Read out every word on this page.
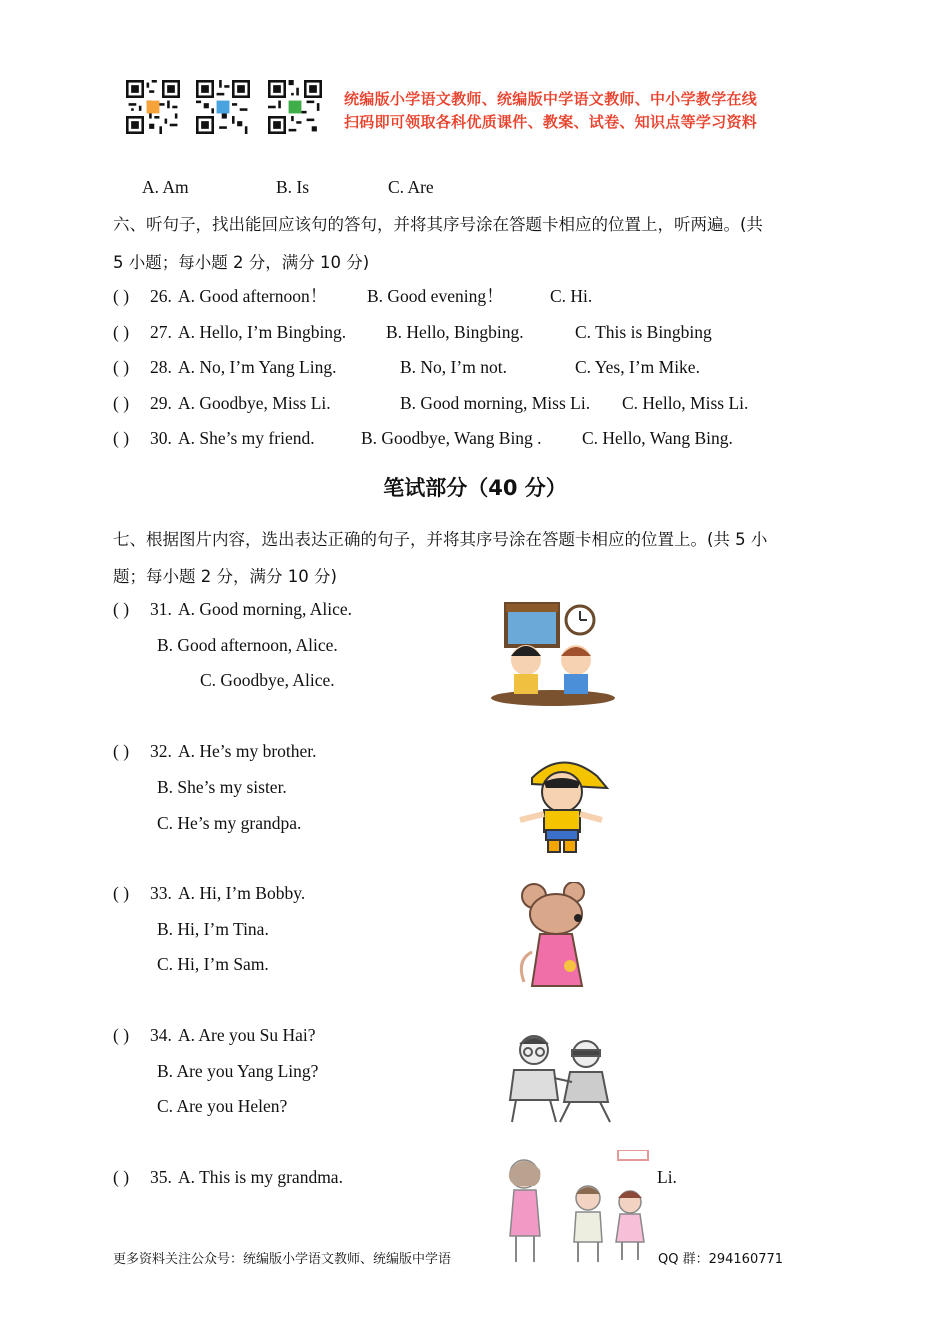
统编版小学语文教师、统编版中学语文教师、中小学教学在线
扫码即可领取各科优质课件、教案、试卷、知识点等学习资料
A. Am	B. Is	C. Are
六、听句子，找出能回应该句的答句，并将其序号涂在答题卡相应的位置上，听两遍。(共
5 小题；每小题 2 分，满分 10 分)
( ) 26. A. Good afternoon！ B. Good evening！	C. Hi.
( ) 27. A. Hello, I’m Bingbing. B. Hello, Bingbing.	C. This is Bingbing
( ) 28. A. No, I’m Yang Ling.	B. No, I’m not.	C. Yes, I’m Mike.
( ) 29. A. Goodbye, Miss Li.	B. Good morning, Miss Li. C. Hello, Miss Li.
( ) 30. A. She’s my friend.	B. Goodbye, Wang Bing . C. Hello, Wang Bing.
笔试部分（40 分）
七、根据图片内容，选出表达正确的句子，并将其序号涂在答题卡相应的位置上。(共 5 小
题；每小题 2 分，满分 10 分)
( ) 31. A. Good morning, Alice.
B. Good afternoon, Alice.
C. Goodbye, Alice.
( ) 32. A. He’s my brother.
B. She’s my sister.
C. He’s my grandpa.
( ) 33. A. Hi, I’m Bobby.
B. Hi, I’m Tina.
C. Hi, I’m Sam.
( ) 34. A. Are you Su Hai?
B. Are you Yang Ling?
C. Are you Helen?
( ) 35. A. This is my grandma.	Li.
更多资料关注公众号：统编版小学语文教师、统编版中学语	QQ 群：294160771
